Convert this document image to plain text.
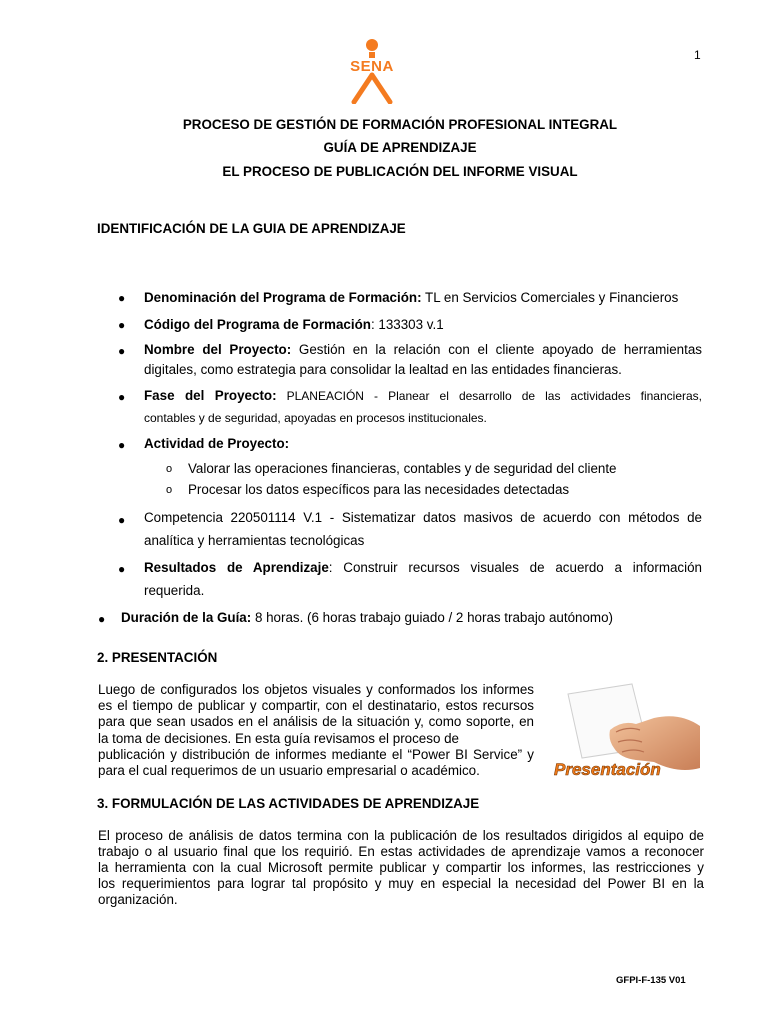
1
SENA
PROCESO DE GESTIÓN DE FORMACIÓN PROFESIONAL INTEGRAL
GUÍA DE APRENDIZAJE
EL PROCESO DE PUBLICACIÓN DEL INFORME VISUAL
IDENTIFICACIÓN DE LA GUIA DE APRENDIZAJE
● Denominación del Programa de Formación: TL en Servicios Comerciales y Financieros
● Código del Programa de Formación: 133303 v.1
● Nombre del Proyecto: Gestión en la relación con el cliente apoyado de herramientas
digitales, como estrategia para consolidar la lealtad en las entidades financieras.
● Fase del Proyecto: PLANEACIÓN - Planear el desarrollo de las actividades financieras,
contables y de seguridad, apoyadas en procesos institucionales.
● Actividad de Proyecto:
o Valorar las operaciones financieras, contables y de seguridad del cliente
o Procesar los datos específicos para las necesidades detectadas
● Competencia 220501114 V.1 - Sistematizar datos masivos de acuerdo con métodos de
analítica y herramientas tecnológicas
● Resultados de Aprendizaje: Construir recursos visuales de acuerdo a información
requerida.
● Duración de la Guía: 8 horas. (6 horas trabajo guiado / 2 horas trabajo autónomo)
2. PRESENTACIÓN
Luego de configurados los objetos visuales y conformados los informes
es el tiempo de publicar y compartir, con el destinatario, estos recursos
para que sean usados en el análisis de la situación y, como soporte, en
la toma de decisiones. En esta guía revisamos el proceso de
publicación y distribución de informes mediante el “Power BI Service” y
para el cual requerimos de un usuario empresarial o académico.	Presentación
3. FORMULACIÓN DE LAS ACTIVIDADES DE APRENDIZAJE
El proceso de análisis de datos termina con la publicación de los resultados dirigidos al equipo de
trabajo o al usuario final que los requirió. En estas actividades de aprendizaje vamos a reconocer
la herramienta con la cual Microsoft permite publicar y compartir los informes, las restricciones y
los requerimientos para lograr tal propósito y muy en especial la necesidad del Power BI en la
organización.
GFPI-F-135 V01
